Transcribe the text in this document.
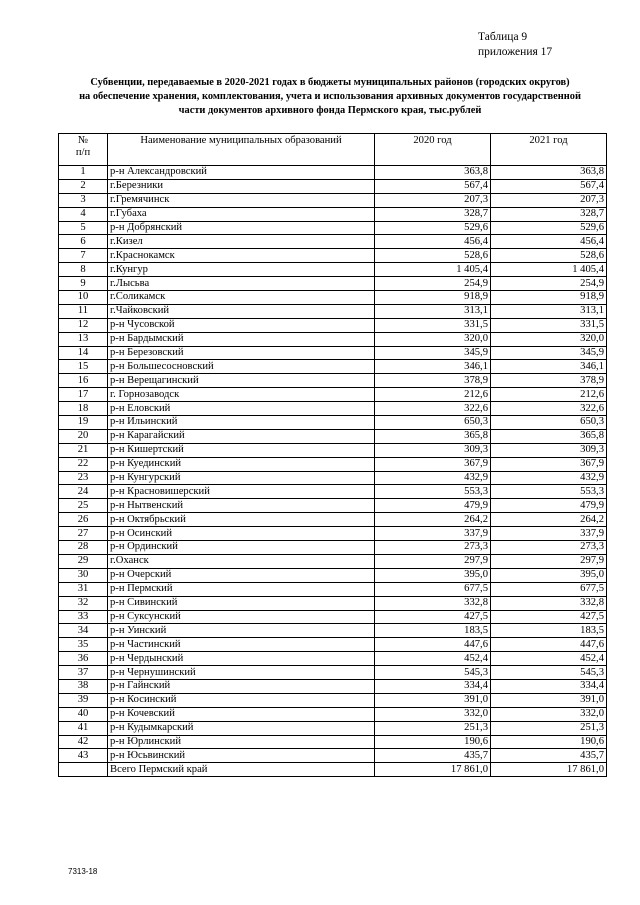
Таблица 9
приложения 17
Субвенции, передаваемые в 2020-2021 годах в бюджеты муниципальных районов (городских округов)
на обеспечение хранения, комплектования, учета и использования архивных документов государственной
части документов архивного фонда Пермского края, тыс.рублей
№
п/п	Наименование муниципальных образований	2020 год	2021 год
1	р-н Александровский	363,8	363,8
2	г.Березники	567,4	567,4
3	г.Гремячинск	207,3	207,3
4	г.Губаха	328,7	328,7
5	р-н Добрянский	529,6	529,6
6	г.Кизел	456,4	456,4
7	г.Краснокамск	528,6	528,6
8	г.Кунгур	1 405,4	1 405,4
9	г.Лысьва	254,9	254,9
10	г.Соликамск	918,9	918,9
11	г.Чайковский	313,1	313,1
12	р-н Чусовской	331,5	331,5
13	р-н Бардымский	320,0	320,0
14	р-н Березовский	345,9	345,9
15	р-н Большесосновский	346,1	346,1
16	р-н Верещагинский	378,9	378,9
17	г. Горнозаводск	212,6	212,6
18	р-н Еловский	322,6	322,6
19	р-н Ильинский	650,3	650,3
20	р-н Карагайский	365,8	365,8
21	р-н Кишертский	309,3	309,3
22	р-н Куединский	367,9	367,9
23	р-н Кунгурский	432,9	432,9
24	р-н Красновишерский	553,3	553,3
25	р-н Нытвенский	479,9	479,9
26	р-н Октябрьский	264,2	264,2
27	р-н Осинский	337,9	337,9
28	р-н Ординский	273,3	273,3
29	г.Оханск	297,9	297,9
30	р-н Очерский	395,0	395,0
31	р-н Пермский	677,5	677,5
32	р-н Сивинский	332,8	332,8
33	р-н Суксунский	427,5	427,5
34	р-н Уинский	183,5	183,5
35	р-н Частинский	447,6	447,6
36	р-н Чердынский	452,4	452,4
37	р-н Чернушинский	545,3	545,3
38	р-н Гайнский	334,4	334,4
39	р-н Косинский	391,0	391,0
40	р-н Кочевский	332,0	332,0
41	р-н Кудымкарский	251,3	251,3
42	р-н Юрлинский	190,6	190,6
43	р-н Юсьвинский	435,7	435,7
	Всего Пермский край	17 861,0	17 861,0
7313-18
